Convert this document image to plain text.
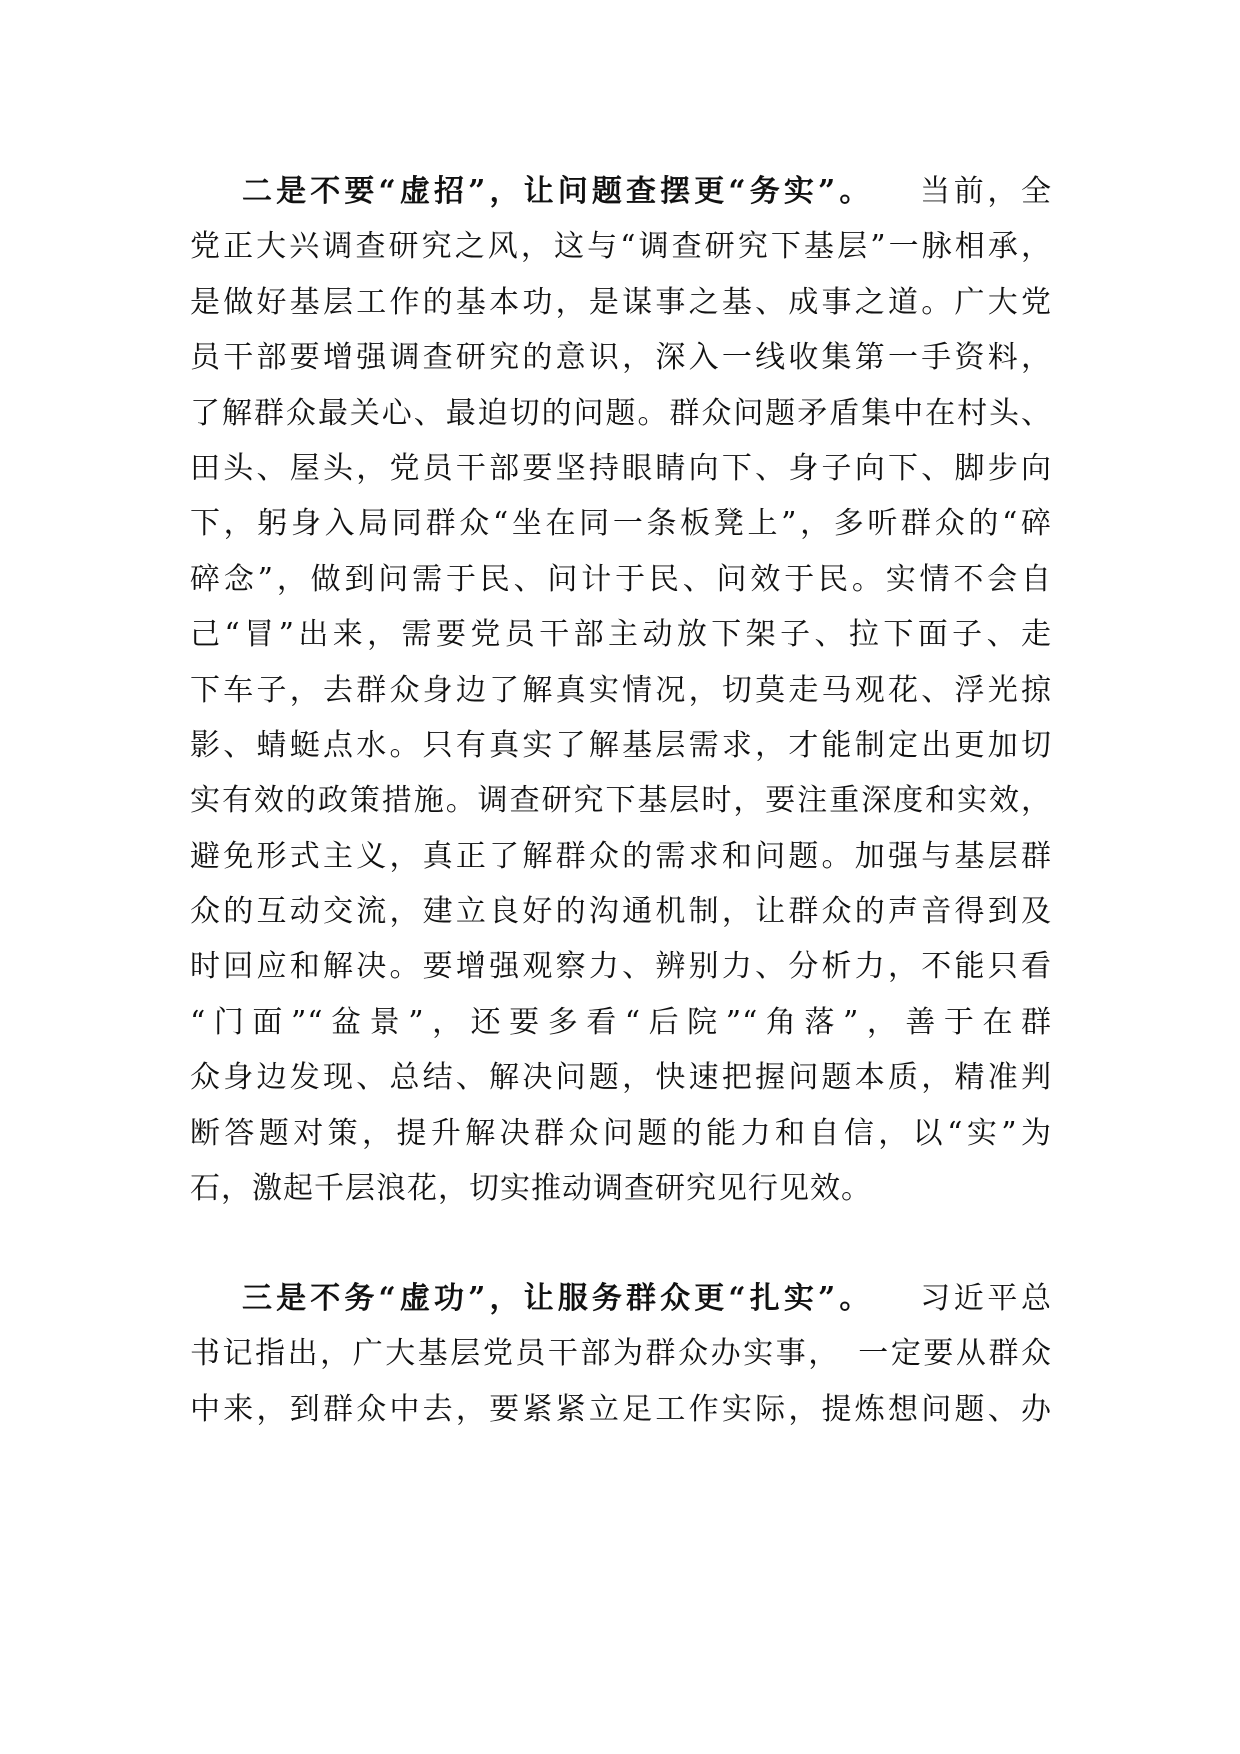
二是不要“虚招”，让问题查摆更“务实”。 当前，全
党正大兴调查研究之风，这与“调查研究下基层”一脉相承，
是做好基层工作的基本功，是谋事之基、成事之道。广大党
员干部要增强调查研究的意识，深入一线收集第一手资料，
了解群众最关心、最迫切的问题。群众问题矛盾集中在村头、
田头、屋头，党员干部要坚持眼睛向下、身子向下、脚步向
下，躬身入局同群众“坐在同一条板凳上”，多听群众的“碎
碎念”，做到问需于民、问计于民、问效于民。实情不会自
己“冒”出来，需要党员干部主动放下架子、拉下面子、走
下车子，去群众身边了解真实情况，切莫走马观花、浮光掠
影、蜻蜓点水。只有真实了解基层需求，才能制定出更加切
实有效的政策措施。调查研究下基层时，要注重深度和实效，
避免形式主义，真正了解群众的需求和问题。加强与基层群
众的互动交流，建立良好的沟通机制，让群众的声音得到及
时回应和解决。要增强观察力、辨别力、分析力，不能只看
“门面”“盆景”，还要多看“后院”“角落”，善于在群
众身边发现、总结、解决问题，快速把握问题本质，精准判
断答题对策，提升解决群众问题的能力和自信，以“实”为
石，激起千层浪花，切实推动调查研究见行见效。
三是不务“虚功”，让服务群众更“扎实”。 习近平总
书记指出，广大基层党员干部为群众办实事，　一定要从群众
中来，到群众中去，要紧紧立足工作实际，提炼想问题、办
